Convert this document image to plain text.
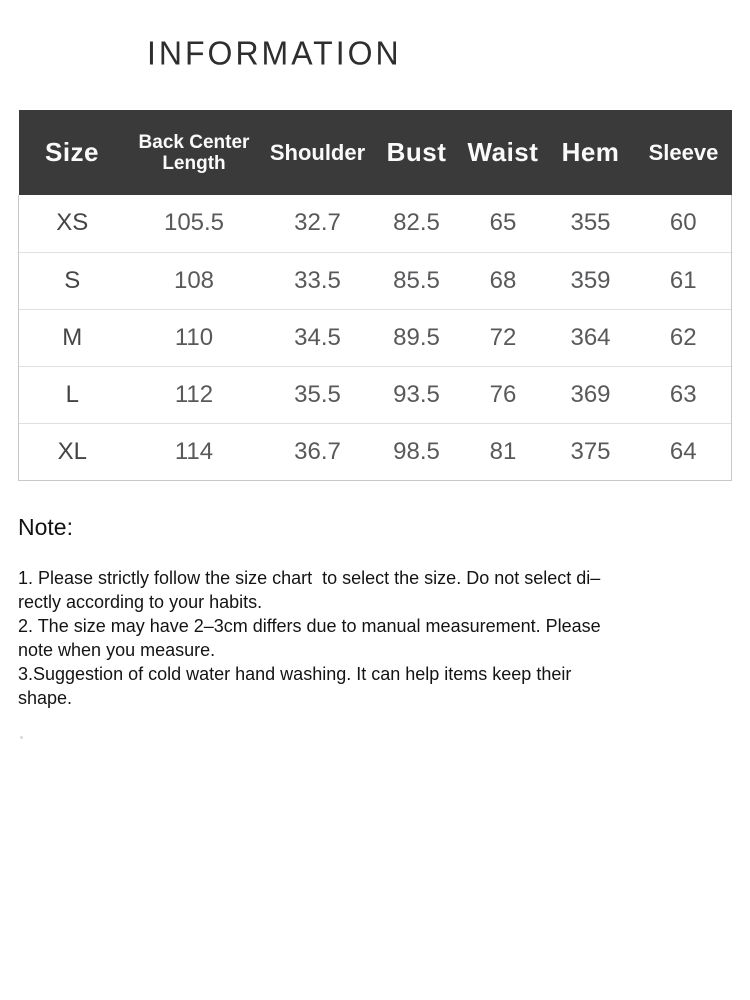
INFORMATION
Size	Back Center Length	Shoulder	Bust	Waist	Hem	Sleeve
XS	105.5	32.7	82.5	65	355	60
S	108	33.5	85.5	68	359	61
M	110	34.5	89.5	72	364	62
L	112	35.5	93.5	76	369	63
XL	114	36.7	98.5	81	375	64
Note:
1. Please strictly follow the size chart  to select the size. Do not select di–
rectly according to your habits.
2. The size may have 2–3cm differs due to manual measurement. Please
note when you measure.
3.Suggestion of cold water hand washing. It can help items keep their
shape.
